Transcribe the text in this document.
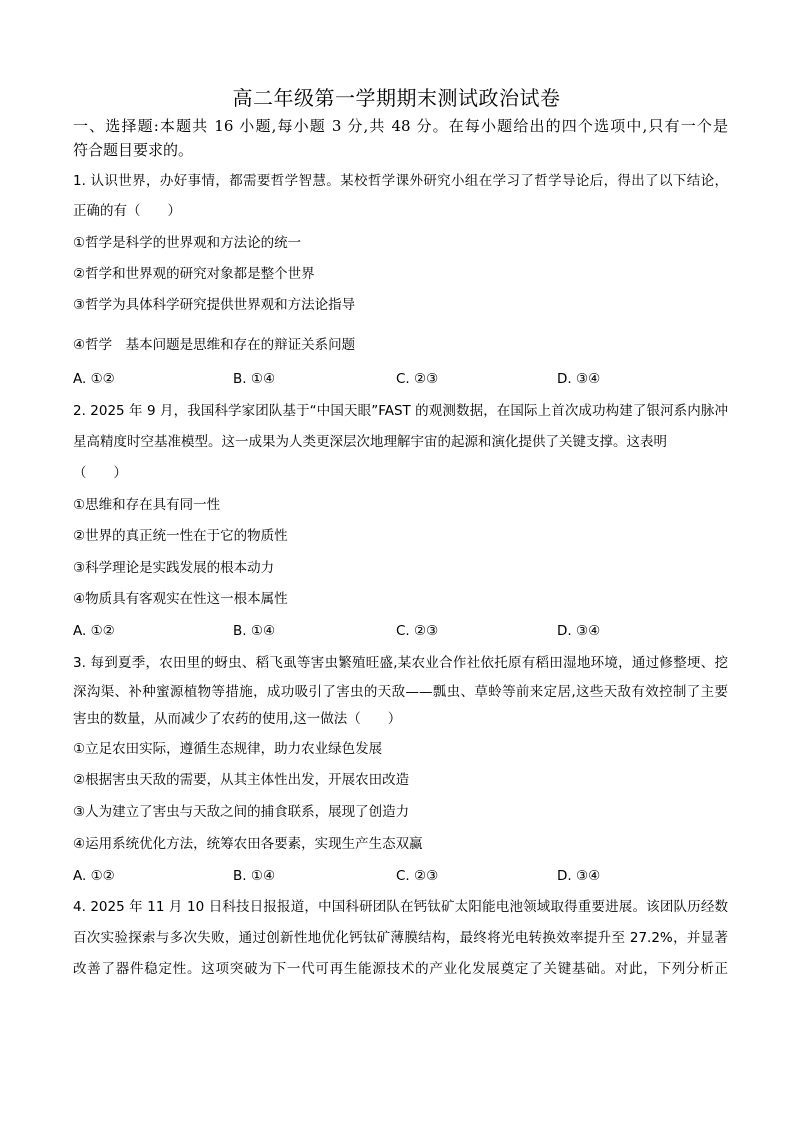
高二年级第一学期期末测试政治试卷
一、选择题:本题共 16 小题,每小题 3 分,共 48 分。在每小题给出的四个选项中,只有一个是
符合题目要求的。
1. 认识世界，办好事情，都需要哲学智慧。某校哲学课外研究小组在学习了哲学导论后，得出了以下结论，
正确的有（　　）
①哲学是科学的世界观和方法论的统一
②哲学和世界观的研究对象都是整个世界
③哲学为具体科学研究提供世界观和方法论指导
④哲学　基本问题是思维和存在的辩证关系问题
A. ①②	B. ①④	C. ②③	D. ③④
2. 2025 年 9 月，我国科学家团队基于“中国天眼”FAST 的观测数据，在国际上首次成功构建了银河系内脉冲
星高精度时空基准模型。这一成果为人类更深层次地理解宇宙的起源和演化提供了关键支撑。这表明
（　　）
①思维和存在具有同一性
②世界的真正统一性在于它的物质性
③科学理论是实践发展的根本动力
④物质具有客观实在性这一根本属性
A. ①②	B. ①④	C. ②③	D. ③④
3. 每到夏季，农田里的蚜虫、稻飞虱等害虫繁殖旺盛,某农业合作社依托原有稻田湿地环境，通过修整埂、挖
深沟渠、补种蜜源植物等措施，成功吸引了害虫的天敌——瓢虫、草蛉等前来定居,这些天敌有效控制了主要
害虫的数量，从而减少了农药的使用,这一做法（　　）
①立足农田实际，遵循生态规律，助力农业绿色发展
②根据害虫天敌的需要，从其主体性出发，开展农田改造
③人为建立了害虫与天敌之间的捕食联系，展现了创造力
④运用系统优化方法，统筹农田各要素，实现生产生态双赢
A. ①②	B. ①④	C. ②③	D. ③④
4. 2025 年 11 月 10 日科技日报报道，中国科研团队在钙钛矿太阳能电池领域取得重要进展。该团队历经数
百次实验探索与多次失败，通过创新性地优化钙钛矿薄膜结构，最终将光电转换效率提升至 27.2%，并显著
改善了器件稳定性。这项突破为下一代可再生能源技术的产业化发展奠定了关键基础。对此，下列分析正
